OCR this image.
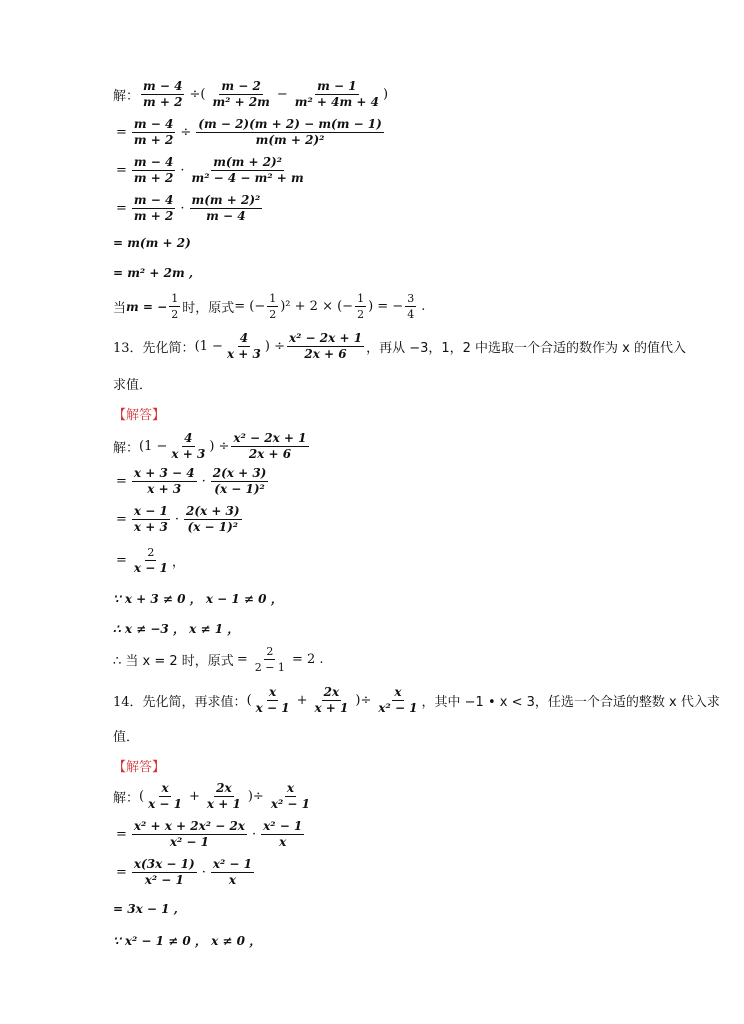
解： $\frac{m - 4}{m + 2}$ ÷( $\frac{m - 2}{\text{m² + 2m}} - \frac{m - 1}{\text{m² + 4m + 4}}$ )
= $\frac{m - 4}{m + 2} \div \frac{(m - 2)(m + 2) - m(m - 1)}{\text{m(m + 2)²}}$
= $\frac{m - 4}{m + 2} \cdot \frac{\text{m(m + 2)²}}{\text{m² − 4 − m² + m}}$
= $\frac{m - 4}{m + 2} \cdot \frac{\text{m(m + 2)²}}{m - 4}$
= m(m + 2)
= m² + 2m ,
当 m = − $\frac{1}{2}$ 时， 原式 = (− $\frac{1}{2} )^2 + 2$ × (− $\frac{1}{2}$ ) = − $\frac{3}{4}$ .
13． 先化简： ($1 - \frac{4}{x + 3}$ ) ÷ $\frac{\text{x² − 2x + 1}}{2x + 6}$ ，再从 −3，1，2 中选取一个合适的数作为 x 的值代入
求值．
【解答】
解： ($1 - \frac{4}{x + 3}$ ) ÷ $\frac{\text{x² − 2x + 1}}{2x + 6}$
= $\frac{x + 3 - 4}{x + 3} \cdot \frac{2(x + 3)}{\text{(x − 1)²}}$
= $\frac{x - 1}{x + 3} \cdot \frac{2(x + 3)}{\text{(x − 1)²}}$
= $\frac{2}{x - 1}$ ，
∵ x + 3 ≠ 0 ， x − 1 ≠ 0 ，
∴ x ≠ −3 ， x ≠ 1 ，
∴ 当 x = 2 时， 原式 = $\frac{2}{2 - 1} = 2$ .
14． 先化简，再求值： ( $\frac{x}{x - 1} + \frac{2x}{x + 1}$ )÷ $\frac{x}{\text{x² − 1}}$ ，其中 −1 • x < 3，任选一个合适的整数 x 代入求
值．
【解答】
解： ( $\frac{x}{x - 1} + \frac{2x}{x + 1}$ )÷ $\frac{x}{\text{x² − 1}}$
= $\frac{\text{x² + x + 2x² − 2x}}{\text{x² − 1}} \cdot \frac{\text{x² − 1}}{x}$
= $\frac{x(3x - 1)}{\text{x² − 1}} \cdot \frac{\text{x² − 1}}{x}$
= 3x − 1 ,
∵ x² − 1 ≠ 0 ， x ≠ 0 ，
